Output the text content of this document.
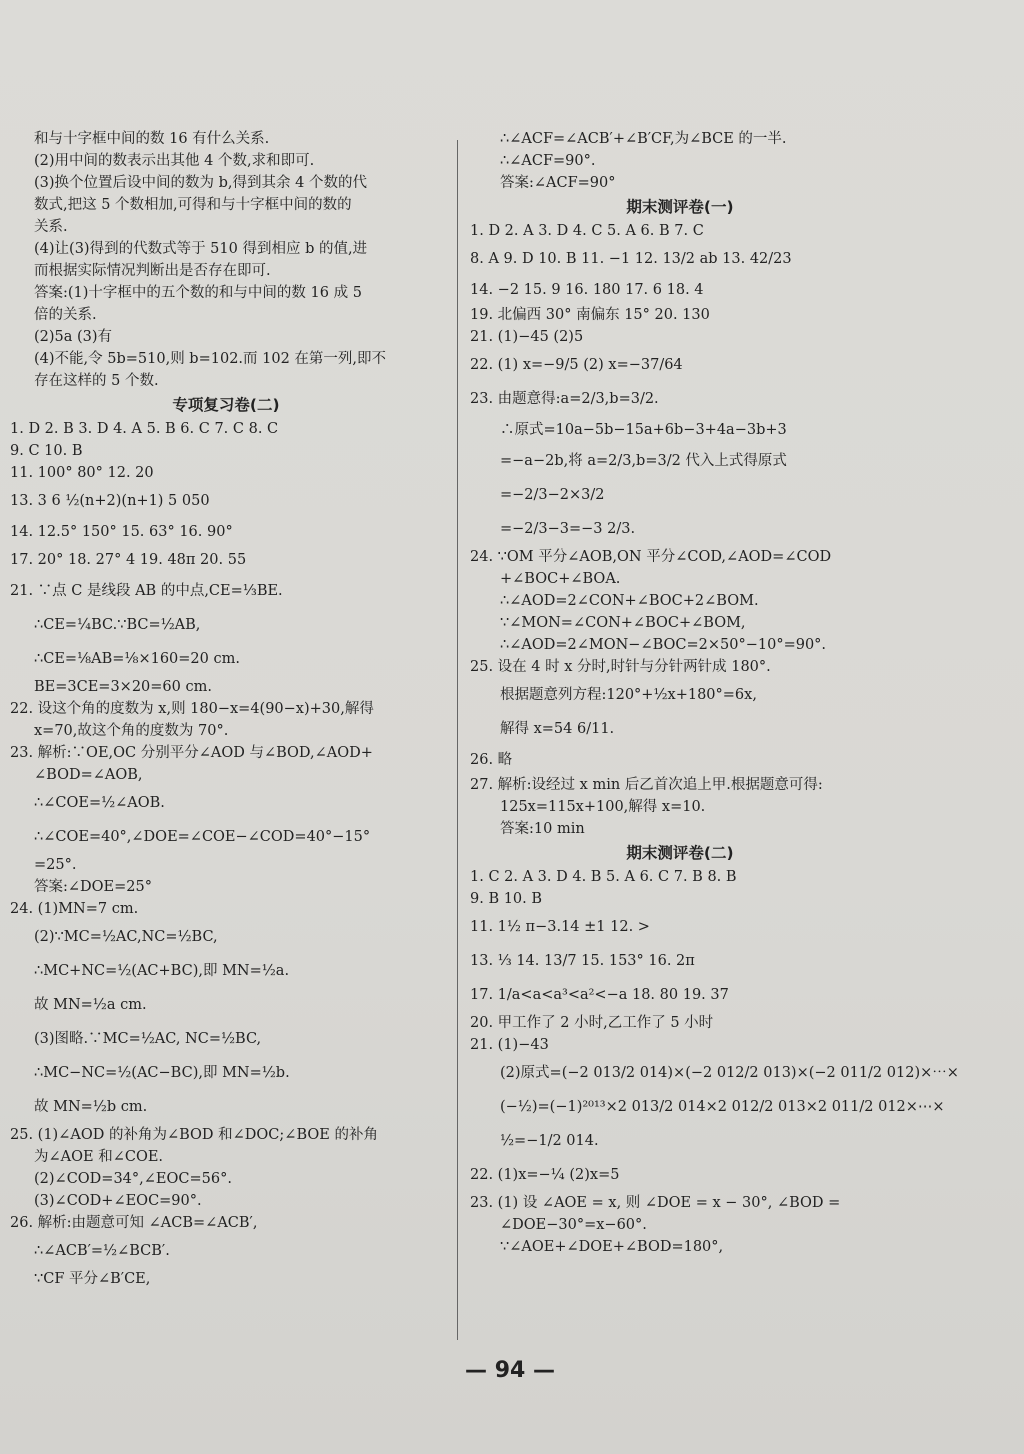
和与十字框中间的数 16 有什么关系.
(2)用中间的数表示出其他 4 个数,求和即可.
(3)换个位置后设中间的数为 b,得到其余 4 个数的代
数式,把这 5 个数相加,可得和与十字框中间的数的
关系.
(4)让(3)得到的代数式等于 510 得到相应 b 的值,进
而根据实际情况判断出是否存在即可.
答案:(1)十字框中的五个数的和与中间的数 16 成 5
倍的关系.
(2)5a (3)有
(4)不能,令 5b=510,则 b=102.而 102 在第一列,即不
存在这样的 5 个数.
专项复习卷(二)
1. D 2. B 3. D 4. A 5. B 6. C 7. C 8. C
9. C 10. B
11. 100° 80° 12. 20
13. 3 6 ½(n+2)(n+1) 5 050
14. 12.5° 150° 15. 63° 16. 90°
17. 20° 18. 27° 4 19. 48π 20. 55
21. ∵点 C 是线段 AB 的中点,CE=⅓BE.
∴CE=¼BC.∵BC=½AB,
∴CE=⅛AB=⅛×160=20 cm.
BE=3CE=3×20=60 cm.
22. 设这个角的度数为 x,则 180−x=4(90−x)+30,解得
x=70,故这个角的度数为 70°.
23. 解析:∵OE,OC 分别平分∠AOD 与∠BOD,∠AOD+
∠BOD=∠AOB,
∴∠COE=½∠AOB.
∴∠COE=40°,∠DOE=∠COE−∠COD=40°−15°
=25°.
答案:∠DOE=25°
24. (1)MN=7 cm.
(2)∵MC=½AC,NC=½BC,
∴MC+NC=½(AC+BC),即 MN=½a.
故 MN=½a cm.
(3)图略.∵MC=½AC, NC=½BC,
∴MC−NC=½(AC−BC),即 MN=½b.
故 MN=½b cm.
25. (1)∠AOD 的补角为∠BOD 和∠DOC;∠BOE 的补角
为∠AOE 和∠COE.
(2)∠COD=34°,∠EOC=56°.
(3)∠COD+∠EOC=90°.
26. 解析:由题意可知 ∠ACB=∠ACB′,
∴∠ACB′=½∠BCB′.
∵CF 平分∠B′CE,
∴∠ACF=∠ACB′+∠B′CF,为∠BCE 的一半.
∴∠ACF=90°.
答案:∠ACF=90°
期末测评卷(一)
1. D 2. A 3. D 4. C 5. A 6. B 7. C
8. A 9. D 10. B 11. −1 12. 13/2 ab 13. 42/23
14. −2 15. 9 16. 180 17. 6 18. 4
19. 北偏西 30° 南偏东 15° 20. 130
21. (1)−45 (2)5
22. (1) x=−9/5 (2) x=−37/64
23. 由题意得:a=2/3,b=3/2.
∴原式=10a−5b−15a+6b−3+4a−3b+3
=−a−2b,将 a=2/3,b=3/2 代入上式得原式
=−2/3−2×3/2
=−2/3−3=−3 2/3.
24. ∵OM 平分∠AOB,ON 平分∠COD,∠AOD=∠COD
+∠BOC+∠BOA.
∴∠AOD=2∠CON+∠BOC+2∠BOM.
∵∠MON=∠CON+∠BOC+∠BOM,
∴∠AOD=2∠MON−∠BOC=2×50°−10°=90°.
25. 设在 4 时 x 分时,时针与分针两针成 180°.
根据题意列方程:120°+½x+180°=6x,
解得 x=54 6/11.
26. 略
27. 解析:设经过 x min 后乙首次追上甲.根据题意可得:
125x=115x+100,解得 x=10.
答案:10 min
期末测评卷(二)
1. C 2. A 3. D 4. B 5. A 6. C 7. B 8. B
9. B 10. B
11. 1½ π−3.14 ±1 12. >
13. ⅓ 14. 13/7 15. 153° 16. 2π
17. 1/a<a<a³<a²<−a 18. 80 19. 37
20. 甲工作了 2 小时,乙工作了 5 小时
21. (1)−43
(2)原式=(−2 013/2 014)×(−2 012/2 013)×(−2 011/2 012)×⋯×
(−½)=(−1)²⁰¹³×2 013/2 014×2 012/2 013×2 011/2 012×⋯×
½=−1/2 014.
22. (1)x=−¼ (2)x=5
23. (1) 设 ∠AOE = x, 则 ∠DOE = x − 30°, ∠BOD =
∠DOE−30°=x−60°.
∵∠AOE+∠DOE+∠BOD=180°,
— 94 —
